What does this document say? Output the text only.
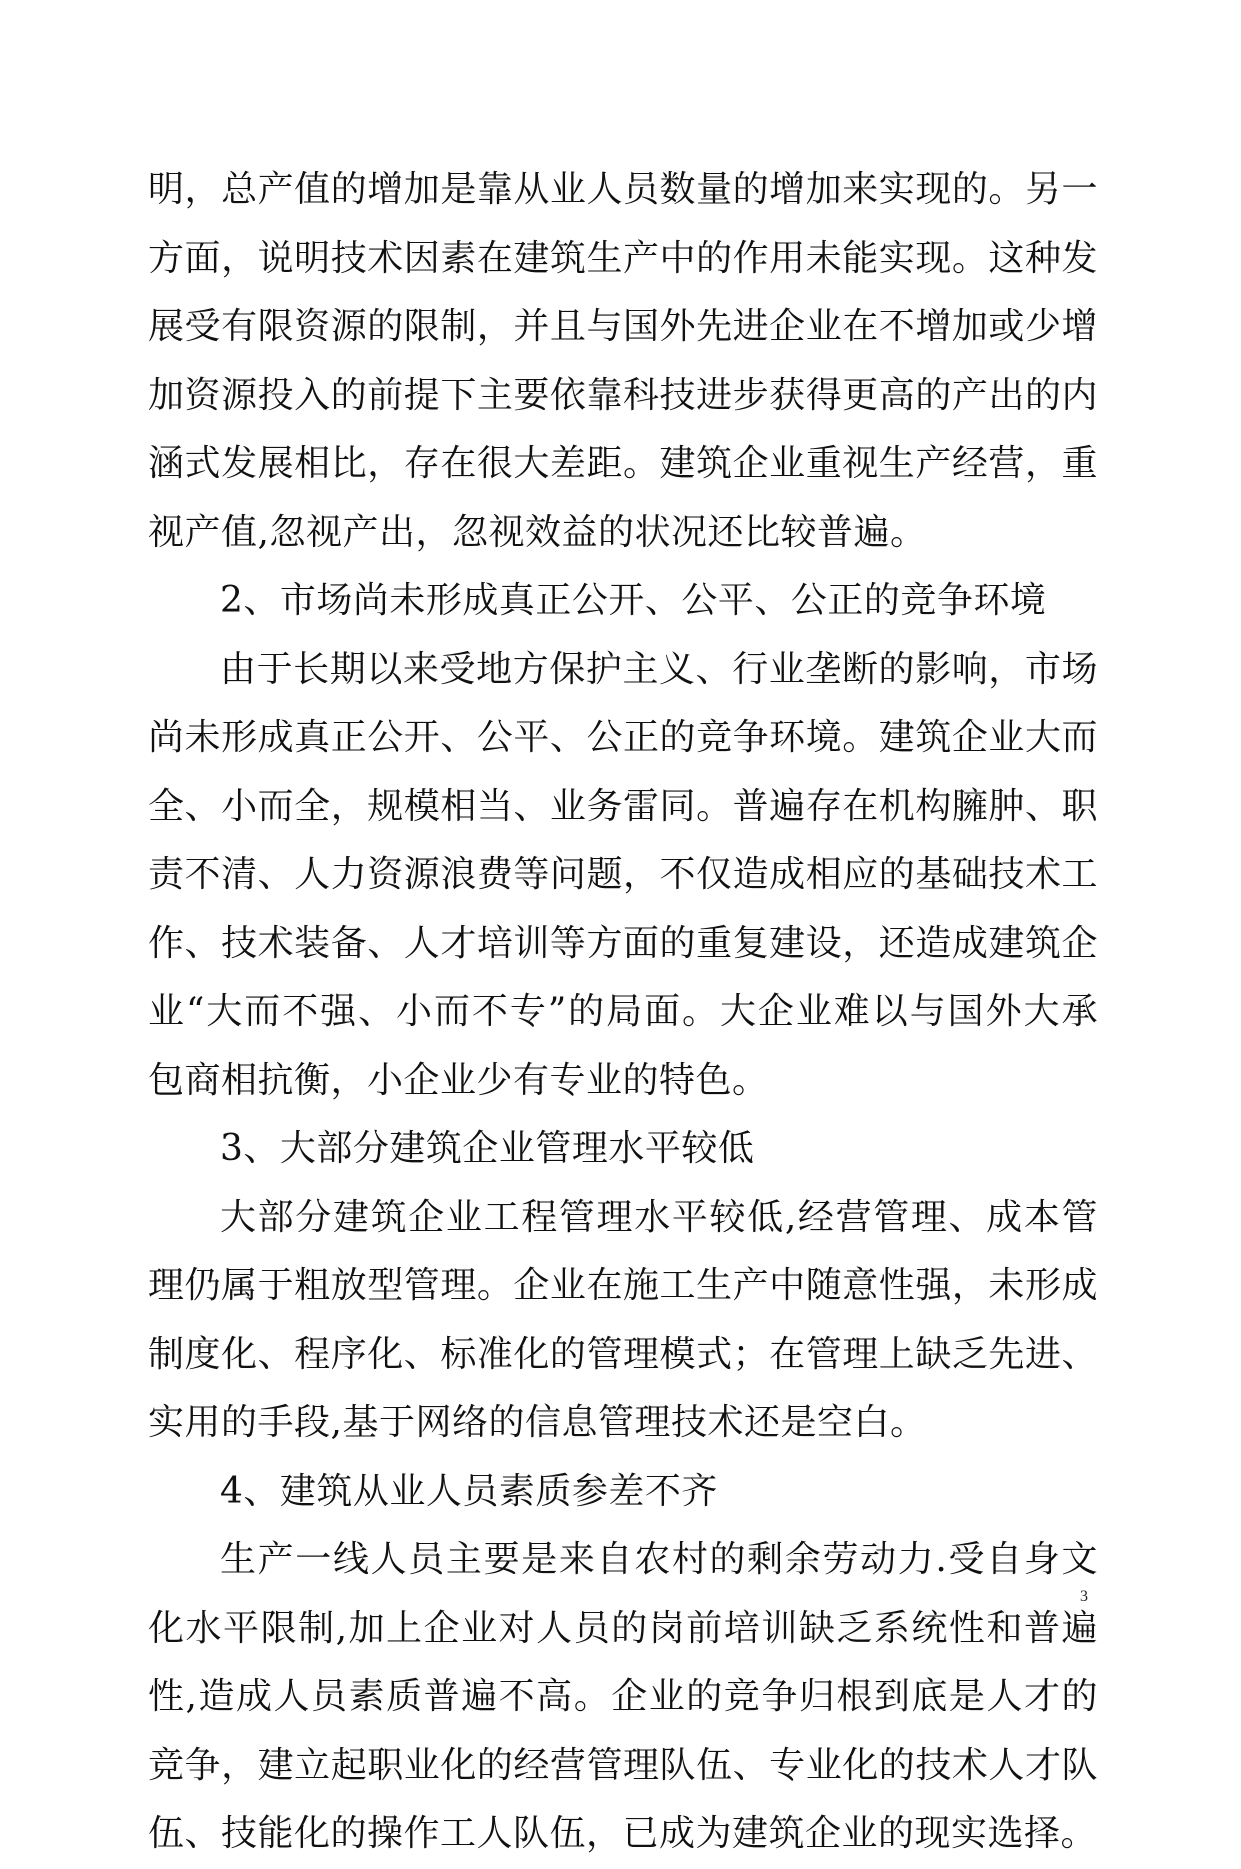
明，总产值的增加是靠从业人员数量的增加来实现的。另一方面，说明技术因素在建筑生产中的作用未能实现。这种发展受有限资源的限制，并且与国外先进企业在不增加或少增加资源投入的前提下主要依靠科技进步获得更高的产出的内涵式发展相比，存在很大差距。建筑企业重视生产经营，重视产值,忽视产出，忽视效益的状况还比较普遍。

2、市场尚未形成真正公开、公平、公正的竞争环境

由于长期以来受地方保护主义、行业垄断的影响，市场尚未形成真正公开、公平、公正的竞争环境。建筑企业大而全、小而全，规模相当、业务雷同。普遍存在机构臃肿、职责不清、人力资源浪费等问题，不仅造成相应的基础技术工作、技术装备、人才培训等方面的重复建设，还造成建筑企业“大而不强、小而不专”的局面。大企业难以与国外大承包商相抗衡，小企业少有专业的特色。

3、大部分建筑企业管理水平较低

大部分建筑企业工程管理水平较低,经营管理、成本管理仍属于粗放型管理。企业在施工生产中随意性强，未形成制度化、程序化、标准化的管理模式；在管理上缺乏先进、实用的手段,基于网络的信息管理技术还是空白。

4、建筑从业人员素质参差不齐

生产一线人员主要是来自农村的剩余劳动力.受自身文化水平限制,加上企业对人员的岗前培训缺乏系统性和普遍性,造成人员素质普遍不高。企业的竞争归根到底是人才的竞争，建立起职业化的经营管理队伍、专业化的技术人才队伍、技能化的操作工人队伍，已成为建筑企业的现实选择。

3
